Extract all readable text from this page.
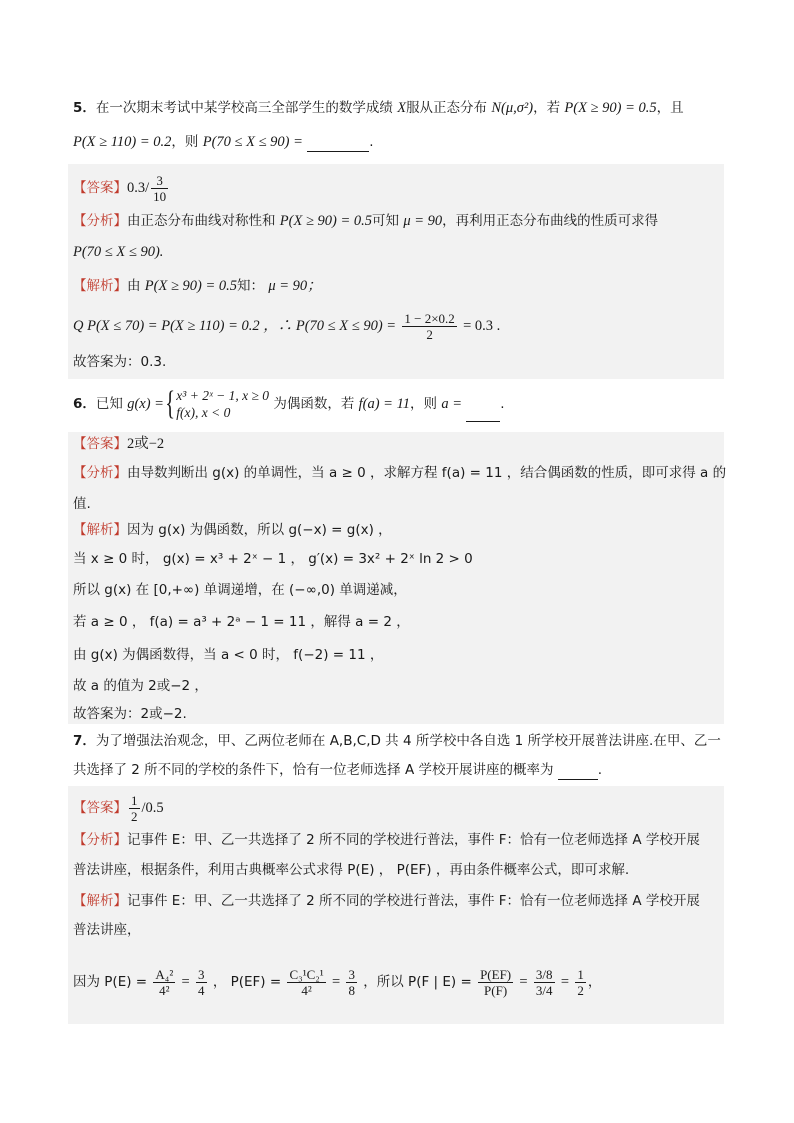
5．在一次期末考试中某学校高三全部学生的数学成绩 X服从正态分布 N(μ,σ²)，若 P(X ≥ 90) = 0.5，且
P(X ≥ 110) = 0.2，则 P(70 ≤ X ≤ 90) =	.
【答案】$0.3/ \frac{3}{10}$
【分析】由正态分布曲线对称性和 P(X ≥ 90) = 0.5可知 μ = 90，再利用正态分布曲线的性质可求得
P(70 ≤ X ≤ 90).
【解析】由 P(X ≥ 90) = 0.5知： μ = 90；
Q P(X ≤ 70) = P(X ≥ 110) = 0.2 ，∴ $P(70 \le X \le 90) = \frac{1 - 2\times 0.2}{2} = 0.3$ .
故答案为：0.3.
6．已知 g(x) ={ x³ + 2ˣ − 1, x ≥ 0
f(x), x < 0
为偶函数，若 f(a) = 11，则 a =	.
【答案】2或−2
【分析】由导数判断出 g(x) 的单调性，当 a ≥ 0 ，求解方程 f(a) = 11 ，结合偶函数的性质，即可求得 a 的
值.
【解析】因为 g(x) 为偶函数，所以 g(−x) = g(x) ，
当 x ≥ 0 时， g(x) = x³ + 2ˣ − 1 ， g′(x) = 3x² + 2ˣ ln 2 > 0
所以 g(x) 在 [0,+∞) 单调递增，在 (−∞,0) 单调递减，
若 a ≥ 0 ， f(a) = a³ + 2ᵃ − 1 = 11 ，解得 a = 2 ，
由 g(x) 为偶函数得，当 a < 0 时， f(−2) = 11 ，
故 a 的值为 2或−2 ，
故答案为：2或−2.
7．为了增强法治观念，甲、乙两位老师在 A,B,C,D 共 4 所学校中各自选 1 所学校开展普法讲座.在甲、乙一
共选择了 2 所不同的学校的条件下，恰有一位老师选择 A 学校开展讲座的概率为	.
【答案】 $\frac{1}{2} /0.5$
【分析】记事件 E：甲、乙一共选择了 2 所不同的学校进行普法，事件 F：恰有一位老师选择 A 学校开展
普法讲座，根据条件，利用古典概率公式求得 P(E) ， P(EF) ，再由条件概率公式，即可求解.
【解析】记事件 E：甲、乙一共选择了 2 所不同的学校进行普法，事件 F：恰有一位老师选择 A 学校开展
普法讲座，
因为 $P(E) = \frac{\text{A₄²}}{\text{4²}} = \frac{3}{4}$ ， $P(EF) = \frac{\text{C₃¹C₂¹}}{\text{4²}} = \frac{3}{8}$ ，所以 P(F | $E) = \frac{P(EF)}{P(F)} = \frac{3/8}{3/4} = \frac{1}{2}$ ，
